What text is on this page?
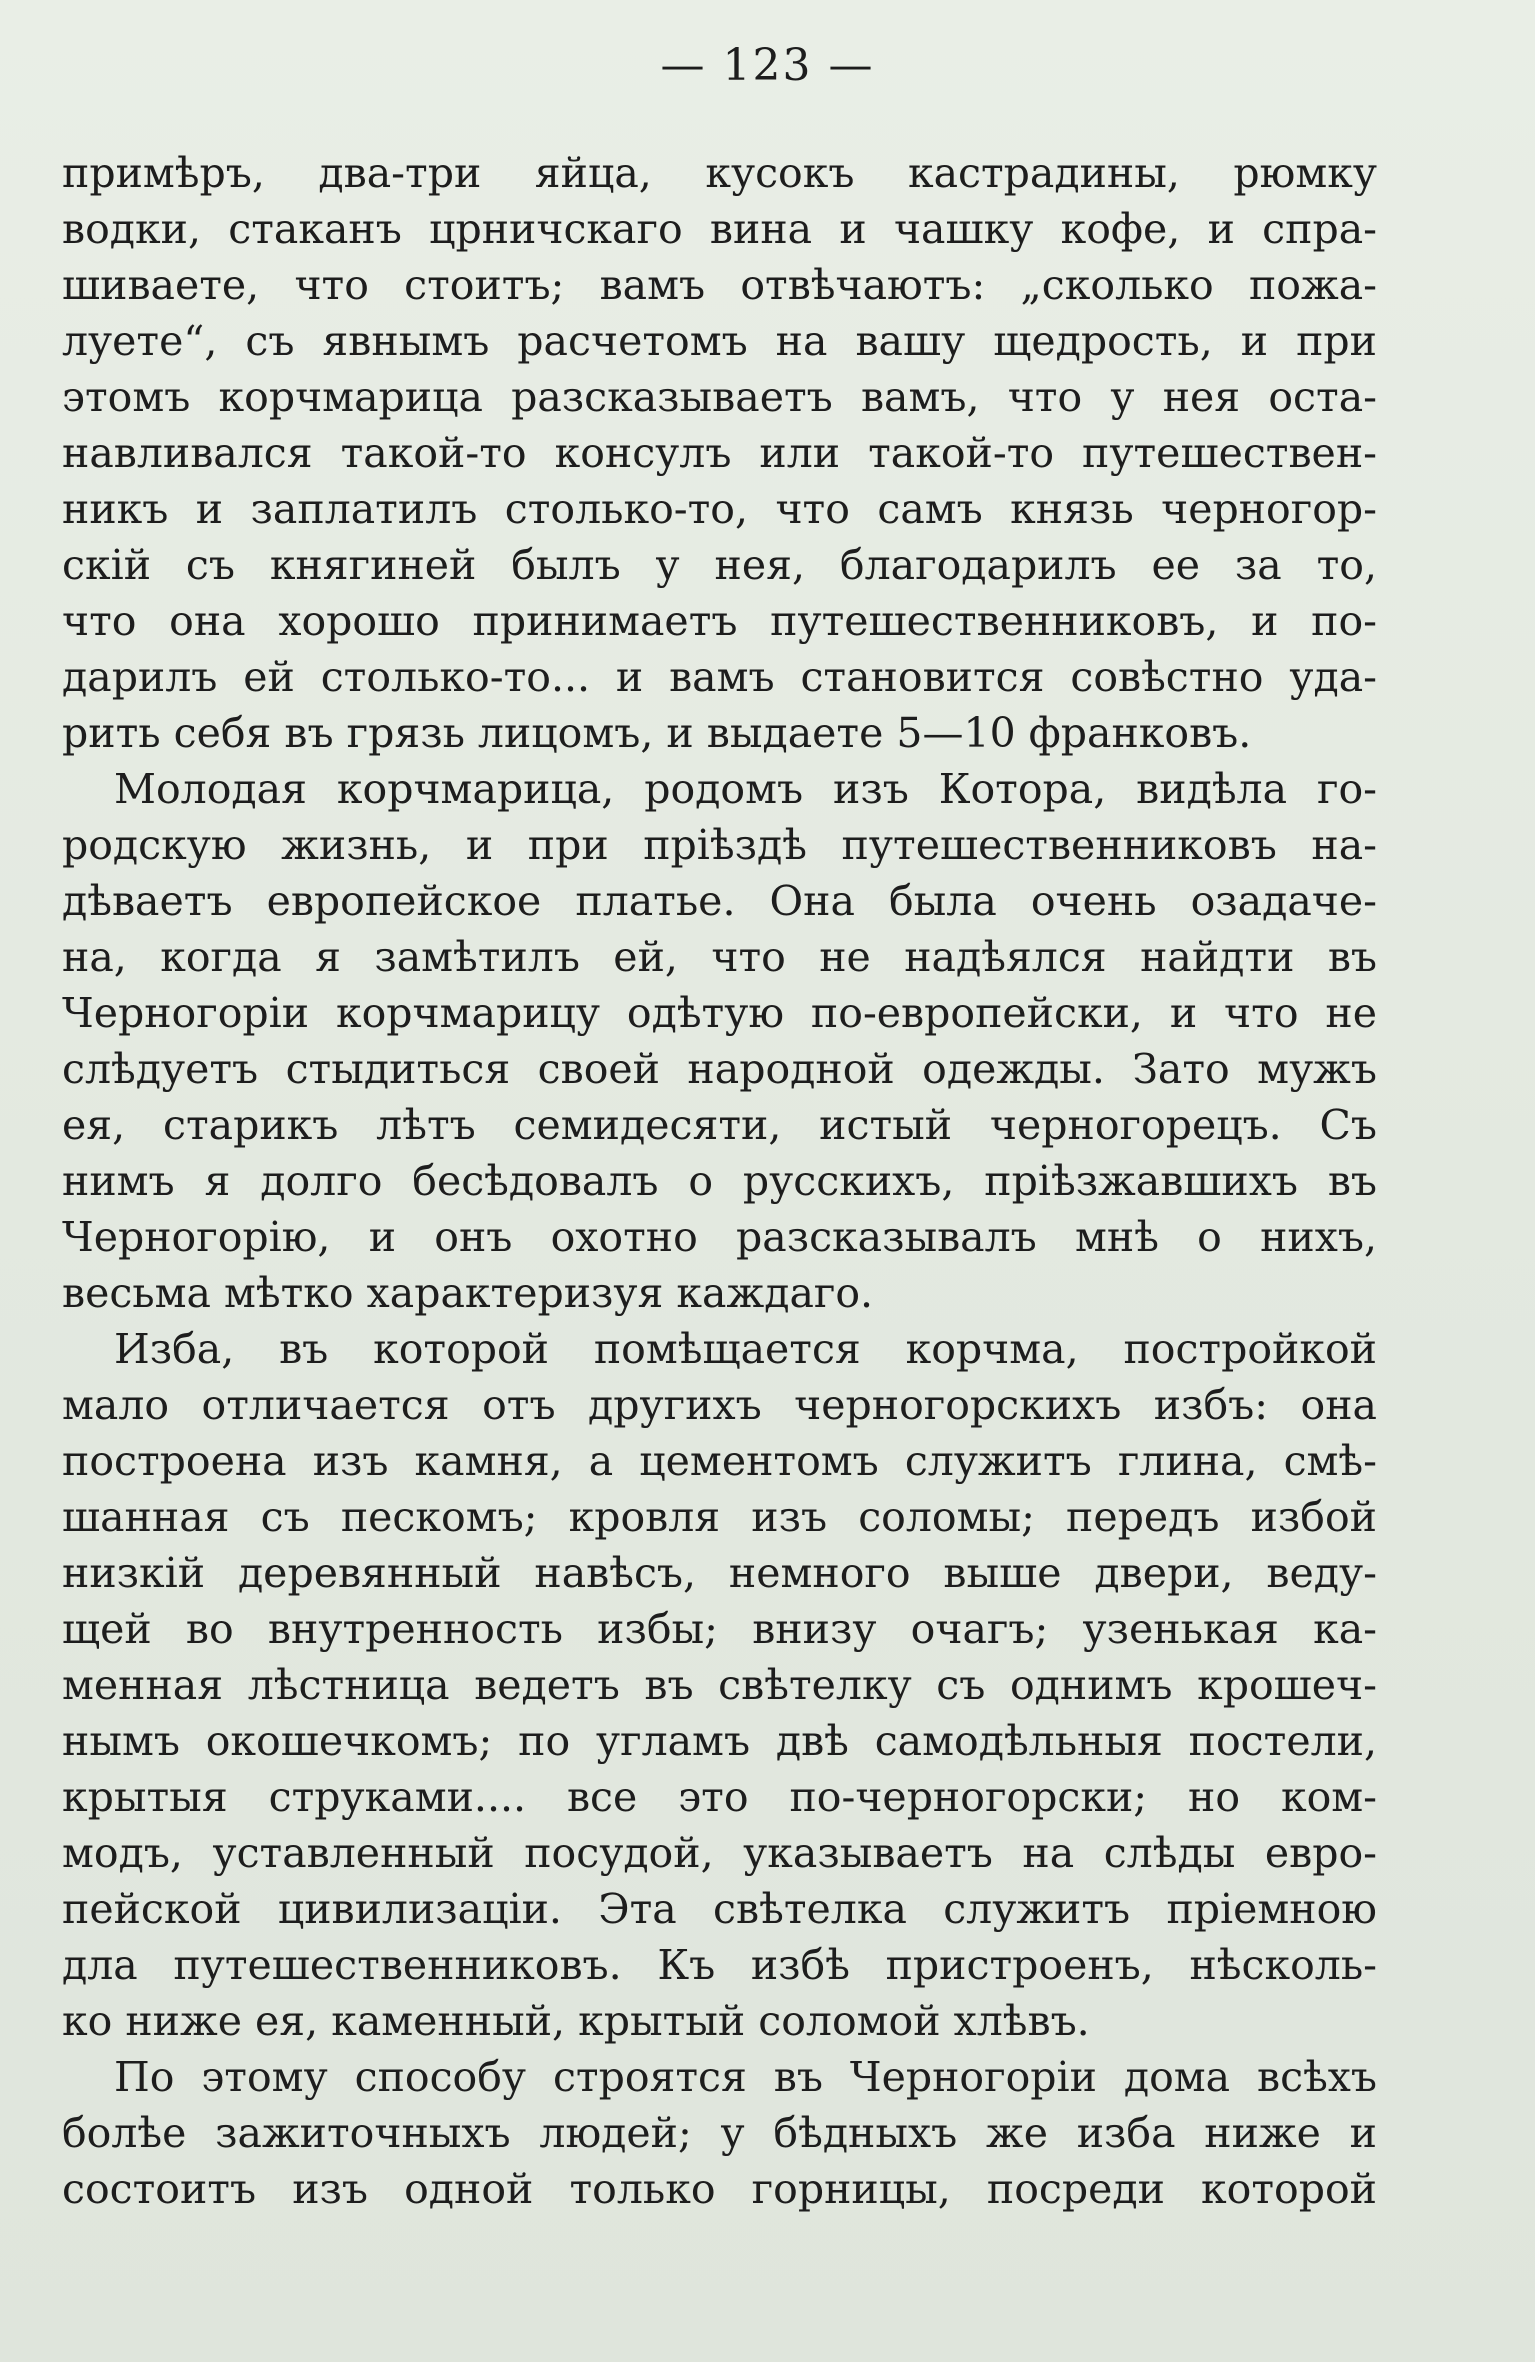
— 123 —
примѣръ, два-три яйца, кусокъ кастрадины, рюмку
водки, стаканъ црничскаго вина и чашку кофе, и спра-
шиваете, что стоитъ; вамъ отвѣчаютъ: „сколько пожа-
луете“, съ явнымъ расчетомъ на вашу щедрость, и при
этомъ корчмарица разсказываетъ вамъ, что у нея оста-
навливался такой-то консулъ или такой-то путешествен-
никъ и заплатилъ столько-то, что самъ князь черногор-
скій съ княгиней былъ у нея, благодарилъ ее за то,
что она хорошо принимаетъ путешественниковъ, и по-
дарилъ ей столько-то... и вамъ становится совѣстно уда-
рить себя въ грязь лицомъ, и выдаете 5—10 франковъ.
Молодая корчмарица, родомъ изъ Котора, видѣла го-
родскую жизнь, и при пріѣздѣ путешественниковъ на-
дѣваетъ европейское платье. Она была очень озадаче-
на, когда я замѣтилъ ей, что не надѣялся найдти въ
Черногоріи корчмарицу одѣтую по-европейски, и что не
слѣдуетъ стыдиться своей народной одежды. Зато мужъ
ея, старикъ лѣтъ семидесяти, истый черногорецъ. Съ
нимъ я долго бесѣдовалъ о русскихъ, пріѣзжавшихъ въ
Черногорію, и онъ охотно разсказывалъ мнѣ о нихъ,
весьма мѣтко характеризуя каждаго.
Изба, въ которой помѣщается корчма, постройкой
мало отличается отъ другихъ черногорскихъ избъ: она
построена изъ камня, а цементомъ служитъ глина, смѣ-
шанная съ пескомъ; кровля изъ соломы; передъ избой
низкій деревянный навѣсъ, немного выше двери, веду-
щей во внутренность избы; внизу очагъ; узенькая ка-
менная лѣстница ведетъ въ свѣтелку съ однимъ крошеч-
нымъ окошечкомъ; по угламъ двѣ самодѣльныя постели,
крытыя струками.... все это по-черногорски; но ком-
модъ, уставленный посудой, указываетъ на слѣды евро-
пейской цивилизаціи. Эта свѣтелка служитъ пріемною
дла путешественниковъ. Къ избѣ пристроенъ, нѣсколь-
ко ниже ея, каменный, крытый соломой хлѣвъ.
По этому способу строятся въ Черногоріи дома всѣхъ
болѣе зажиточныхъ людей; у бѣдныхъ же изба ниже и
состоитъ изъ одной только горницы, посреди которой
